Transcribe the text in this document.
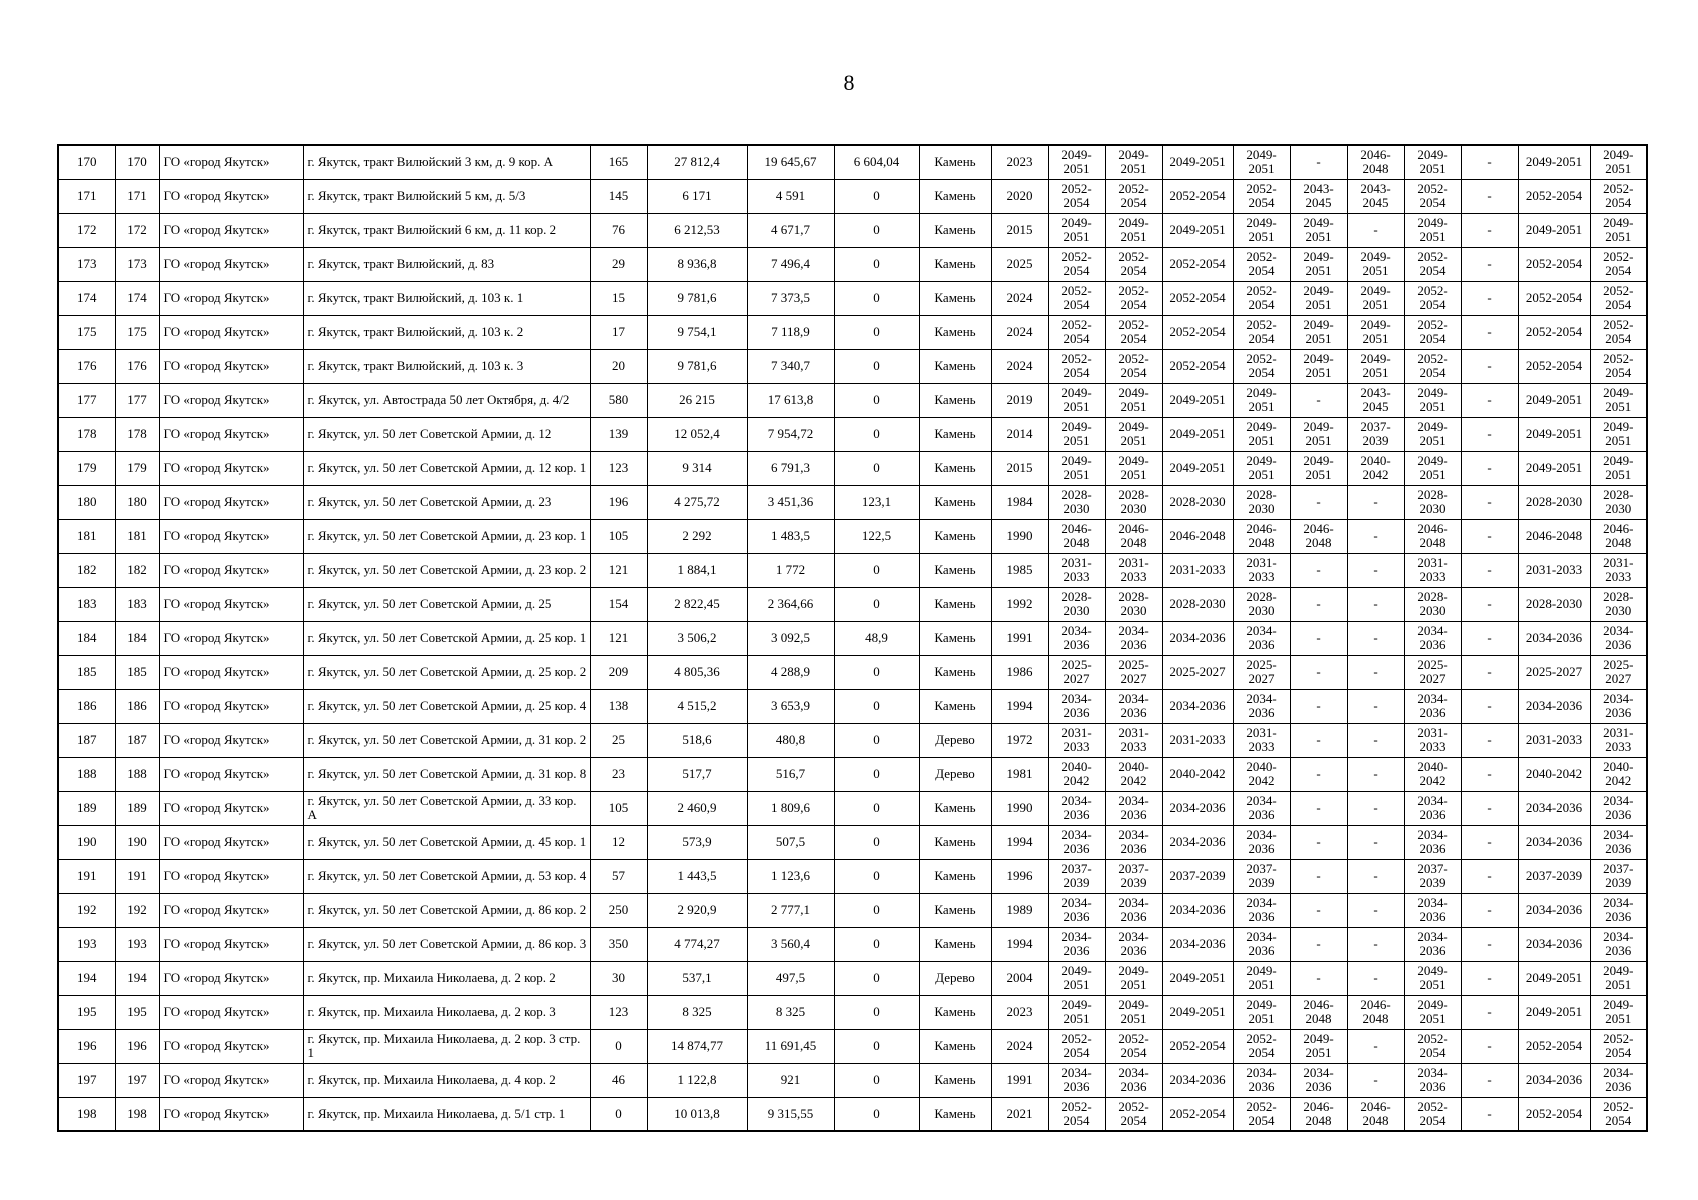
8
170	170	ГО «город Якутск»	г. Якутск, тракт Вилюйский 3 км, д. 9 кор. А	165	27 812,4	19 645,67	6 604,04	Камень	2023	2049-2051	2049-2051	2049-2051	2049-2051	-	2046-2048	2049-2051	-	2049-2051	2049-2051
171	171	ГО «город Якутск»	г. Якутск, тракт Вилюйский 5 км, д. 5/3	145	6 171	4 591	0	Камень	2020	2052-2054	2052-2054	2052-2054	2052-2054	2043-2045	2043-2045	2052-2054	-	2052-2054	2052-2054
172	172	ГО «город Якутск»	г. Якутск, тракт Вилюйский 6 км, д. 11 кор. 2	76	6 212,53	4 671,7	0	Камень	2015	2049-2051	2049-2051	2049-2051	2049-2051	2049-2051	-	2049-2051	-	2049-2051	2049-2051
173	173	ГО «город Якутск»	г. Якутск, тракт Вилюйский, д. 83	29	8 936,8	7 496,4	0	Камень	2025	2052-2054	2052-2054	2052-2054	2052-2054	2049-2051	2049-2051	2052-2054	-	2052-2054	2052-2054
174	174	ГО «город Якутск»	г. Якутск, тракт Вилюйский, д. 103 к. 1	15	9 781,6	7 373,5	0	Камень	2024	2052-2054	2052-2054	2052-2054	2052-2054	2049-2051	2049-2051	2052-2054	-	2052-2054	2052-2054
175	175	ГО «город Якутск»	г. Якутск, тракт Вилюйский, д. 103 к. 2	17	9 754,1	7 118,9	0	Камень	2024	2052-2054	2052-2054	2052-2054	2052-2054	2049-2051	2049-2051	2052-2054	-	2052-2054	2052-2054
176	176	ГО «город Якутск»	г. Якутск, тракт Вилюйский, д. 103 к. 3	20	9 781,6	7 340,7	0	Камень	2024	2052-2054	2052-2054	2052-2054	2052-2054	2049-2051	2049-2051	2052-2054	-	2052-2054	2052-2054
177	177	ГО «город Якутск»	г. Якутск, ул. Автострада 50 лет Октября, д. 4/2	580	26 215	17 613,8	0	Камень	2019	2049-2051	2049-2051	2049-2051	2049-2051	-	2043-2045	2049-2051	-	2049-2051	2049-2051
178	178	ГО «город Якутск»	г. Якутск, ул. 50 лет Советской Армии, д. 12	139	12 052,4	7 954,72	0	Камень	2014	2049-2051	2049-2051	2049-2051	2049-2051	2049-2051	2037-2039	2049-2051	-	2049-2051	2049-2051
179	179	ГО «город Якутск»	г. Якутск, ул. 50 лет Советской Армии, д. 12 кор. 1	123	9 314	6 791,3	0	Камень	2015	2049-2051	2049-2051	2049-2051	2049-2051	2049-2051	2040-2042	2049-2051	-	2049-2051	2049-2051
180	180	ГО «город Якутск»	г. Якутск, ул. 50 лет Советской Армии, д. 23	196	4 275,72	3 451,36	123,1	Камень	1984	2028-2030	2028-2030	2028-2030	2028-2030	-	-	2028-2030	-	2028-2030	2028-2030
181	181	ГО «город Якутск»	г. Якутск, ул. 50 лет Советской Армии, д. 23 кор. 1	105	2 292	1 483,5	122,5	Камень	1990	2046-2048	2046-2048	2046-2048	2046-2048	2046-2048	-	2046-2048	-	2046-2048	2046-2048
182	182	ГО «город Якутск»	г. Якутск, ул. 50 лет Советской Армии, д. 23 кор. 2	121	1 884,1	1 772	0	Камень	1985	2031-2033	2031-2033	2031-2033	2031-2033	-	-	2031-2033	-	2031-2033	2031-2033
183	183	ГО «город Якутск»	г. Якутск, ул. 50 лет Советской Армии, д. 25	154	2 822,45	2 364,66	0	Камень	1992	2028-2030	2028-2030	2028-2030	2028-2030	-	-	2028-2030	-	2028-2030	2028-2030
184	184	ГО «город Якутск»	г. Якутск, ул. 50 лет Советской Армии, д. 25 кор. 1	121	3 506,2	3 092,5	48,9	Камень	1991	2034-2036	2034-2036	2034-2036	2034-2036	-	-	2034-2036	-	2034-2036	2034-2036
185	185	ГО «город Якутск»	г. Якутск, ул. 50 лет Советской Армии, д. 25 кор. 2	209	4 805,36	4 288,9	0	Камень	1986	2025-2027	2025-2027	2025-2027	2025-2027	-	-	2025-2027	-	2025-2027	2025-2027
186	186	ГО «город Якутск»	г. Якутск, ул. 50 лет Советской Армии, д. 25 кор. 4	138	4 515,2	3 653,9	0	Камень	1994	2034-2036	2034-2036	2034-2036	2034-2036	-	-	2034-2036	-	2034-2036	2034-2036
187	187	ГО «город Якутск»	г. Якутск, ул. 50 лет Советской Армии, д. 31 кор. 2	25	518,6	480,8	0	Дерево	1972	2031-2033	2031-2033	2031-2033	2031-2033	-	-	2031-2033	-	2031-2033	2031-2033
188	188	ГО «город Якутск»	г. Якутск, ул. 50 лет Советской Армии, д. 31 кор. 8	23	517,7	516,7	0	Дерево	1981	2040-2042	2040-2042	2040-2042	2040-2042	-	-	2040-2042	-	2040-2042	2040-2042
189	189	ГО «город Якутск»	г. Якутск, ул. 50 лет Советской Армии, д. 33 кор. А	105	2 460,9	1 809,6	0	Камень	1990	2034-2036	2034-2036	2034-2036	2034-2036	-	-	2034-2036	-	2034-2036	2034-2036
190	190	ГО «город Якутск»	г. Якутск, ул. 50 лет Советской Армии, д. 45 кор. 1	12	573,9	507,5	0	Камень	1994	2034-2036	2034-2036	2034-2036	2034-2036	-	-	2034-2036	-	2034-2036	2034-2036
191	191	ГО «город Якутск»	г. Якутск, ул. 50 лет Советской Армии, д. 53 кор. 4	57	1 443,5	1 123,6	0	Камень	1996	2037-2039	2037-2039	2037-2039	2037-2039	-	-	2037-2039	-	2037-2039	2037-2039
192	192	ГО «город Якутск»	г. Якутск, ул. 50 лет Советской Армии, д. 86 кор. 2	250	2 920,9	2 777,1	0	Камень	1989	2034-2036	2034-2036	2034-2036	2034-2036	-	-	2034-2036	-	2034-2036	2034-2036
193	193	ГО «город Якутск»	г. Якутск, ул. 50 лет Советской Армии, д. 86 кор. 3	350	4 774,27	3 560,4	0	Камень	1994	2034-2036	2034-2036	2034-2036	2034-2036	-	-	2034-2036	-	2034-2036	2034-2036
194	194	ГО «город Якутск»	г. Якутск, пр. Михаила Николаева, д. 2 кор. 2	30	537,1	497,5	0	Дерево	2004	2049-2051	2049-2051	2049-2051	2049-2051	-	-	2049-2051	-	2049-2051	2049-2051
195	195	ГО «город Якутск»	г. Якутск, пр. Михаила Николаева, д. 2 кор. 3	123	8 325	8 325	0	Камень	2023	2049-2051	2049-2051	2049-2051	2049-2051	2046-2048	2046-2048	2049-2051	-	2049-2051	2049-2051
196	196	ГО «город Якутск»	г. Якутск, пр. Михаила Николаева, д. 2 кор. 3 стр. 1	0	14 874,77	11 691,45	0	Камень	2024	2052-2054	2052-2054	2052-2054	2052-2054	2049-2051	-	2052-2054	-	2052-2054	2052-2054
197	197	ГО «город Якутск»	г. Якутск, пр. Михаила Николаева, д. 4 кор. 2	46	1 122,8	921	0	Камень	1991	2034-2036	2034-2036	2034-2036	2034-2036	2034-2036	-	2034-2036	-	2034-2036	2034-2036
198	198	ГО «город Якутск»	г. Якутск, пр. Михаила Николаева, д. 5/1 стр. 1	0	10 013,8	9 315,55	0	Камень	2021	2052-2054	2052-2054	2052-2054	2052-2054	2046-2048	2046-2048	2052-2054	-	2052-2054	2052-2054
